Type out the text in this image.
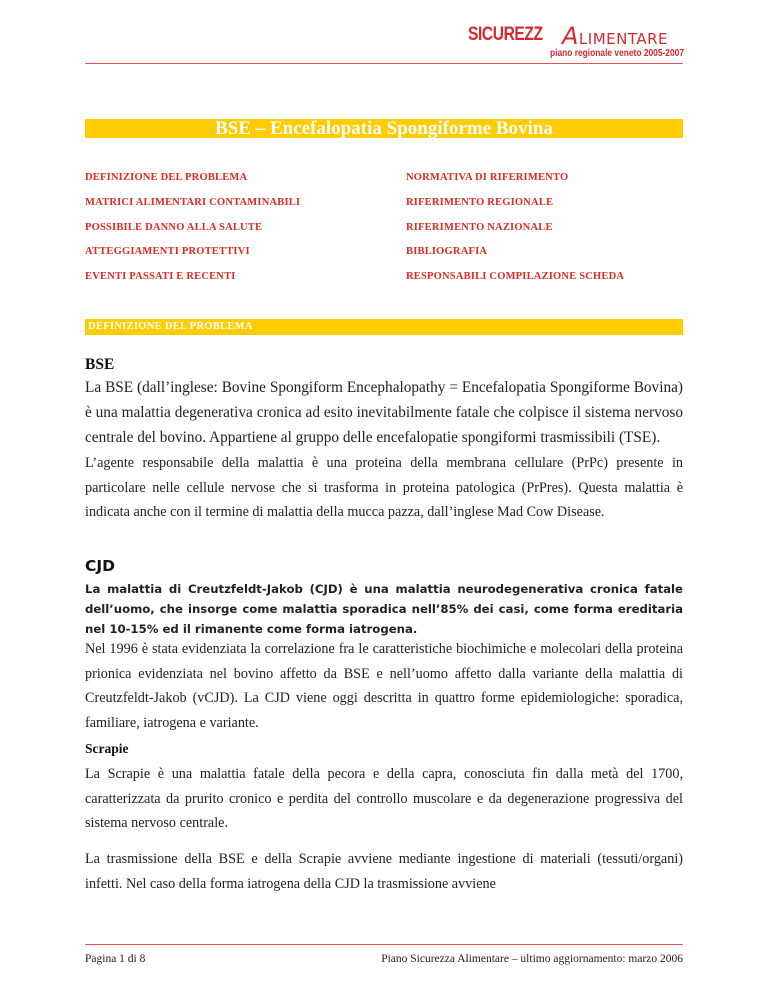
SICUREZZ ALIMENTARE
piano regionale veneto 2005-2007
BSE – Encefalopatia Spongiforme Bovina
DEFINIZIONE DEL PROBLEMA
MATRICI ALIMENTARI CONTAMINABILI
POSSIBILE DANNO ALLA SALUTE
ATTEGGIAMENTI PROTETTIVI
EVENTI PASSATI E RECENTI
NORMATIVA DI RIFERIMENTO
RIFERIMENTO REGIONALE
RIFERIMENTO NAZIONALE
BIBLIOGRAFIA
RESPONSABILI COMPILAZIONE SCHEDA
DEFINIZIONE DEL PROBLEMA
BSE
La BSE (dall’inglese: Bovine Spongiform Encephalopathy = Encefalopatia Spongiforme Bovina) è una malattia degenerativa cronica ad esito inevitabilmente fatale che colpisce il sistema nervoso centrale del bovino. Appartiene al gruppo delle encefalopatie spongiformi trasmissibili (TSE).
L’agente responsabile della malattia è una proteina della membrana cellulare (PrPc) presente in particolare nelle cellule nervose che si trasforma in proteina patologica (PrPres). Questa malattia è indicata anche con il termine di malattia della mucca pazza, dall’inglese Mad Cow Disease.
CJD
La malattia di Creutzfeldt-Jakob (CJD) è una malattia neurodegenerativa cronica fatale dell’uomo, che insorge come malattia sporadica nell’85% dei casi, come forma ereditaria nel 10-15% ed il rimanente come forma iatrogena.
Nel 1996 è stata evidenziata la correlazione fra le caratteristiche biochimiche e molecolari della proteina prionica evidenziata nel bovino affetto da BSE e nell’uomo affetto dalla variante della malattia di Creutzfeldt-Jakob (vCJD). La CJD viene oggi descritta in quattro forme epidemiologiche: sporadica, familiare, iatrogena e variante.
Scrapie
La Scrapie è una malattia fatale della pecora e della capra, conosciuta fin dalla metà del 1700, caratterizzata da prurito cronico e perdita del controllo muscolare e da degenerazione progressiva del sistema nervoso centrale.
La trasmissione della BSE e della Scrapie avviene mediante ingestione di materiali (tessuti/organi) infetti. Nel caso della forma iatrogena della CJD la trasmissione avviene
Pagina 1 di 8	Piano Sicurezza Alimentare – ultimo aggiornamento: marzo 2006
